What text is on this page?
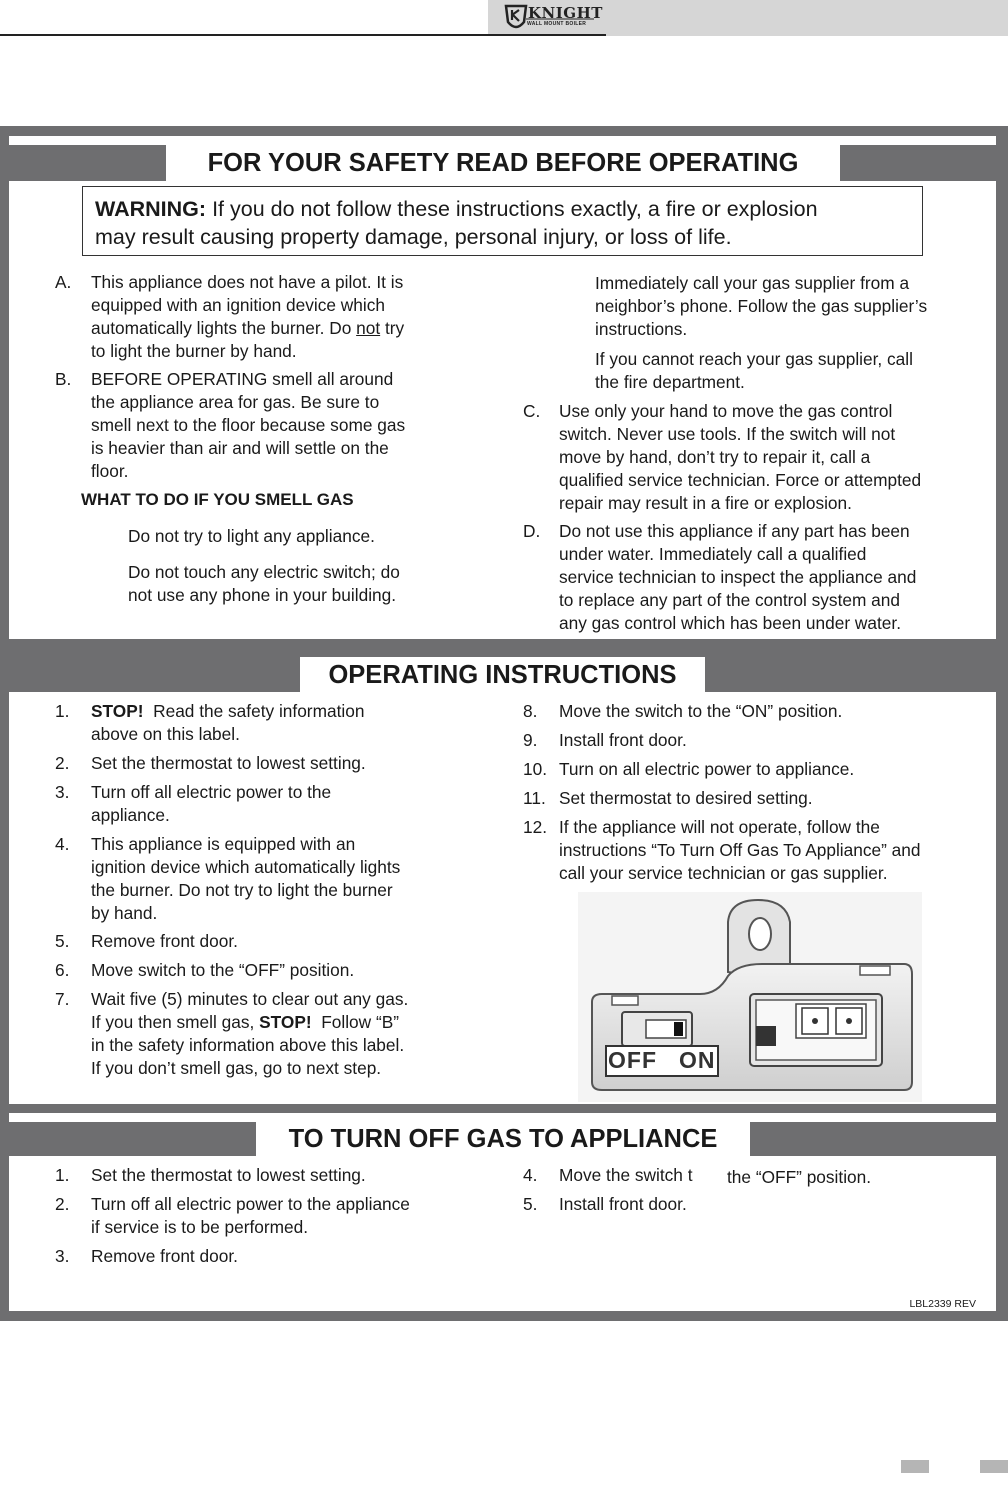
KNIGHT
WALL MOUNT BOILER
FOR YOUR SAFETY READ BEFORE OPERATING
WARNING: If you do not follow these instructions exactly, a fire or explosion
may result causing property damage, personal injury, or loss of life.
A. This appliance does not have a pilot. It is
equipped with an ignition device which
automatically lights the burner. Do not try
to light the burner by hand.
B. BEFORE OPERATING smell all around
the appliance area for gas. Be sure to
smell next to the floor because some gas
is heavier than air and will settle on the
floor.
WHAT TO DO IF YOU SMELL GAS
Do not try to light any appliance.
Do not touch any electric switch; do
not use any phone in your building.
Immediately call your gas supplier from a
neighbor’s phone. Follow the gas supplier’s
instructions.
If you cannot reach your gas supplier, call
the fire department.
C. Use only your hand to move the gas control
switch. Never use tools. If the switch will not
move by hand, don’t try to repair it, call a
qualified service technician. Force or attempted
repair may result in a fire or explosion.
D. Do not use this appliance if any part has been
under water. Immediately call a qualified
service technician to inspect the appliance and
to replace any part of the control system and
any gas control which has been under water.
OPERATING INSTRUCTIONS
1. STOP!  Read the safety information
above on this label.
2. Set the thermostat to lowest setting.
3. Turn off all electric power to the
appliance.
4. This appliance is equipped with an
ignition device which automatically lights
the burner. Do not try to light the burner
by hand.
5. Remove front door.
6. Move switch to the “OFF” position.
7. Wait five (5) minutes to clear out any gas.
If you then smell gas, STOP!  Follow “B”
in the safety information above this label.
If you don’t smell gas, go to next step.
8. Move the switch to the “ON” position.
9. Install front door.
10. Turn on all electric power to appliance.
11. Set thermostat to desired setting.
12. If the appliance will not operate, follow the
instructions “To Turn Off Gas To Appliance” and
call your service technician or gas supplier.
OFF ON
TO TURN OFF GAS TO APPLIANCE
1. Set the thermostat to lowest setting.
2. Turn off all electric power to the appliance
if service is to be performed.
3. Remove front door.
4. Move the switch t the “OFF” position.
5. Install front door.
LBL2339 REV
